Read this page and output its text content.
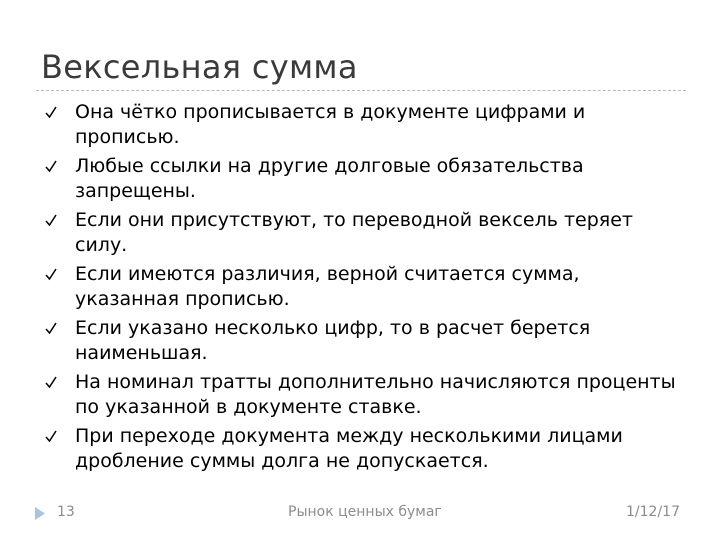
Вексельная сумма
Она чётко прописывается в документе цифрами и прописью.
Любые ссылки на другие долговые обязательства запрещены.
Если они присутствуют, то переводной вексель теряет силу.
Если имеются различия, верной считается сумма, указанная прописью.
Если указано несколько цифр, то в расчет берется наименьшая.
На номинал тратты дополнительно начисляются проценты по указанной в документе ставке.
При переходе документа между несколькими лицами дробление суммы долга не допускается.
13	Рынок ценных бумаг	1/12/17
